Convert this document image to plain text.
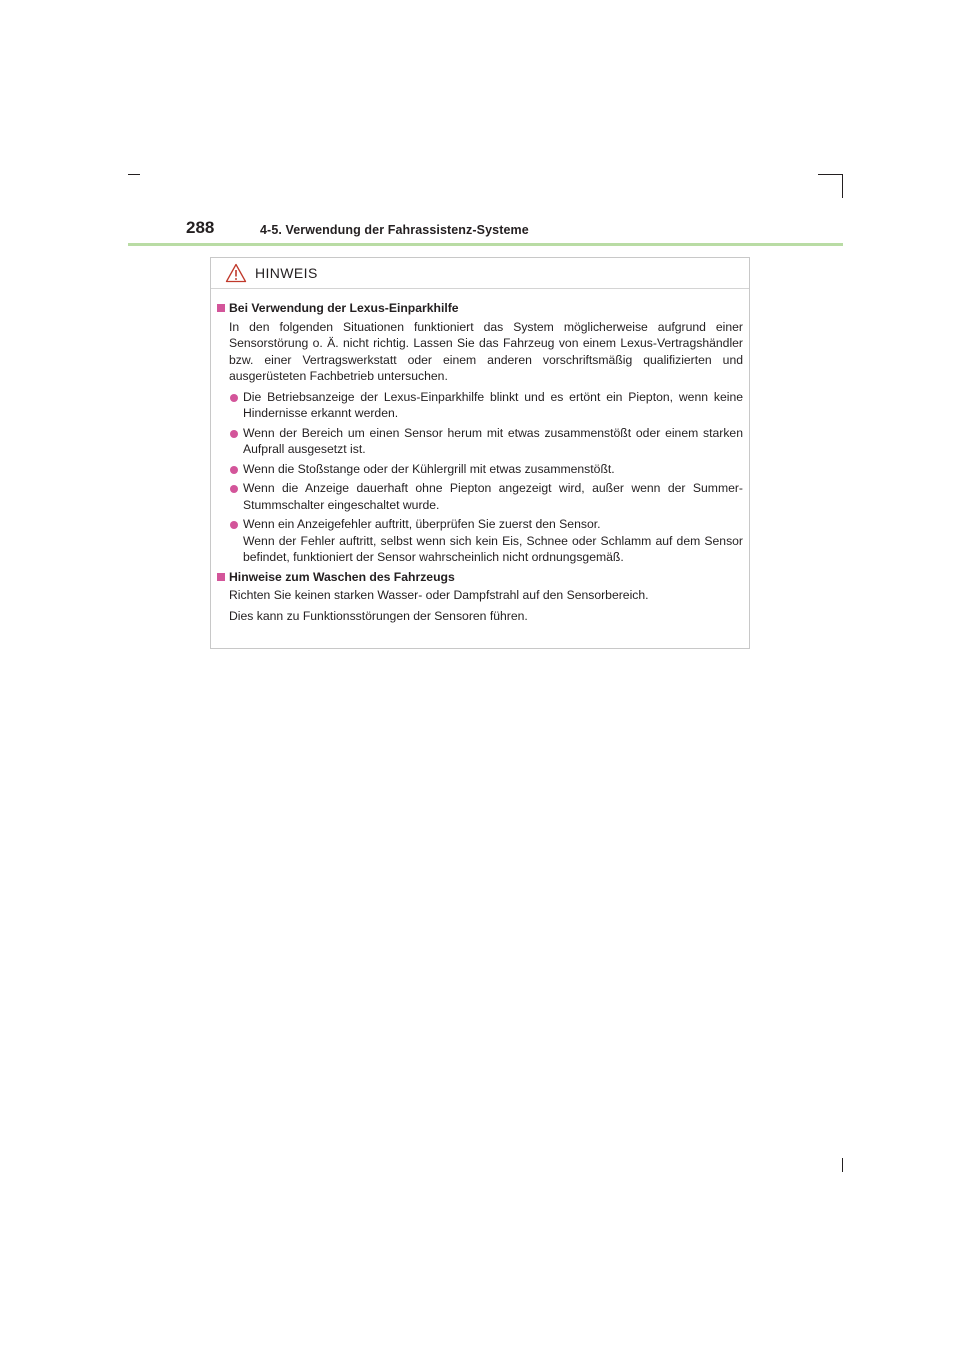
288	4-5. Verwendung der Fahrassistenz-Systeme
HINWEIS
Bei Verwendung der Lexus-Einparkhilfe
In den folgenden Situationen funktioniert das System möglicherweise aufgrund einer Sensorstörung o. Ä. nicht richtig. Lassen Sie das Fahrzeug von einem Lexus-Vertragshändler bzw. einer Vertragswerkstatt oder einem anderen vorschriftsmäßig qualifizierten und ausgerüsteten Fachbetrieb untersuchen.
Die Betriebsanzeige der Lexus-Einparkhilfe blinkt und es ertönt ein Piepton, wenn keine Hindernisse erkannt werden.
Wenn der Bereich um einen Sensor herum mit etwas zusammenstößt oder einem starken Aufprall ausgesetzt ist.
Wenn die Stoßstange oder der Kühlergrill mit etwas zusammenstößt.
Wenn die Anzeige dauerhaft ohne Piepton angezeigt wird, außer wenn der Summer-Stummschalter eingeschaltet wurde.
Wenn ein Anzeigefehler auftritt, überprüfen Sie zuerst den Sensor.
Wenn der Fehler auftritt, selbst wenn sich kein Eis, Schnee oder Schlamm auf dem Sensor befindet, funktioniert der Sensor wahrscheinlich nicht ordnungsgemäß.
Hinweise zum Waschen des Fahrzeugs
Richten Sie keinen starken Wasser- oder Dampfstrahl auf den Sensorbereich.
Dies kann zu Funktionsstörungen der Sensoren führen.
